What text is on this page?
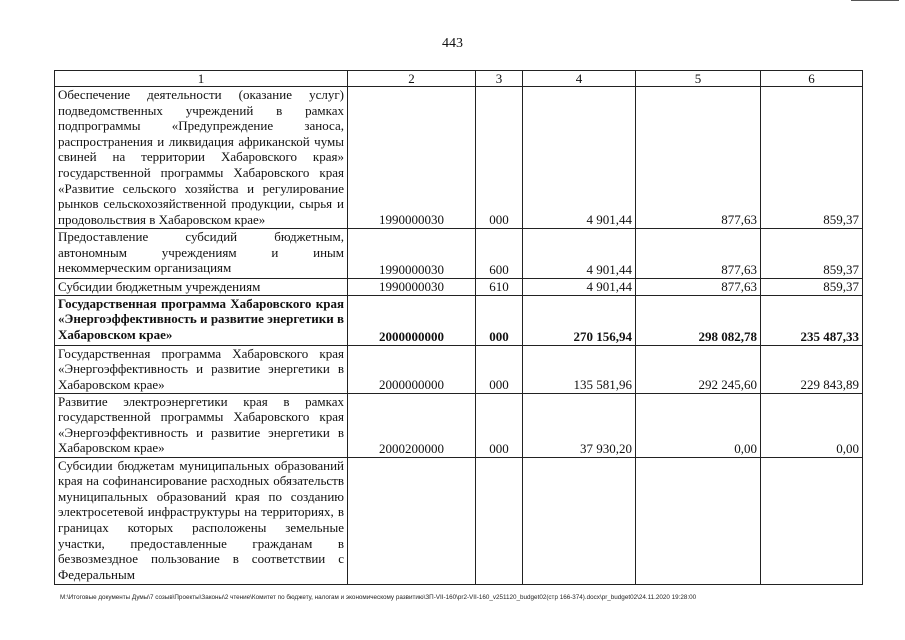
443
1	2	3	4	5	6
Обеспечение деятельности (оказание услуг) подведомственных учреждений в рамках подпрограммы «Предупреждение заноса, распространения и ликвидация африканской чумы свиней на территории Хабаровского края» государственной программы Хабаровского края «Развитие сельского хозяйства и регулирование рынков сельскохозяйственной продукции, сырья и продовольствия в Хабаровском крае»	1990000030	000	4 901,44	877,63	859,37
Предоставление субсидий бюджетным, автономным учреждениям и иным некоммерческим организациям	1990000030	600	4 901,44	877,63	859,37
Субсидии бюджетным учреждениям	1990000030	610	4 901,44	877,63	859,37
Государственная программа Хабаровского края «Энергоэффективность и развитие энергетики в Хабаровском крае»	2000000000	000	270 156,94	298 082,78	235 487,33
Государственная программа Хабаровского края «Энергоэффективность и развитие энергетики в Хабаровском крае»	2000000000	000	135 581,96	292 245,60	229 843,89
Развитие электроэнергетики края в рамках государственной программы Хабаровского края «Энергоэффективность и развитие энергетики в Хабаровском крае»	2000200000	000	37 930,20	0,00	0,00
Субсидии бюджетам муниципальных образований края на софинансирование расходных обязательств муниципальных образований края по созданию электросетевой инфраструктуры на территориях, в границах которых расположены земельные участки, предоставленные гражданам в безвозмездное пользование в соответствии с Федеральным					
M:\Итоговые документы Думы\7 созыв\Проекты\Законы\2 чтение\Комитет по бюджету, налогам и экономическому развитию\ЗП-VII-160\pr2-VII-160_v251120_budget02(стр 166-374).docx\pr_budget02\24.11.2020 19:28:00
